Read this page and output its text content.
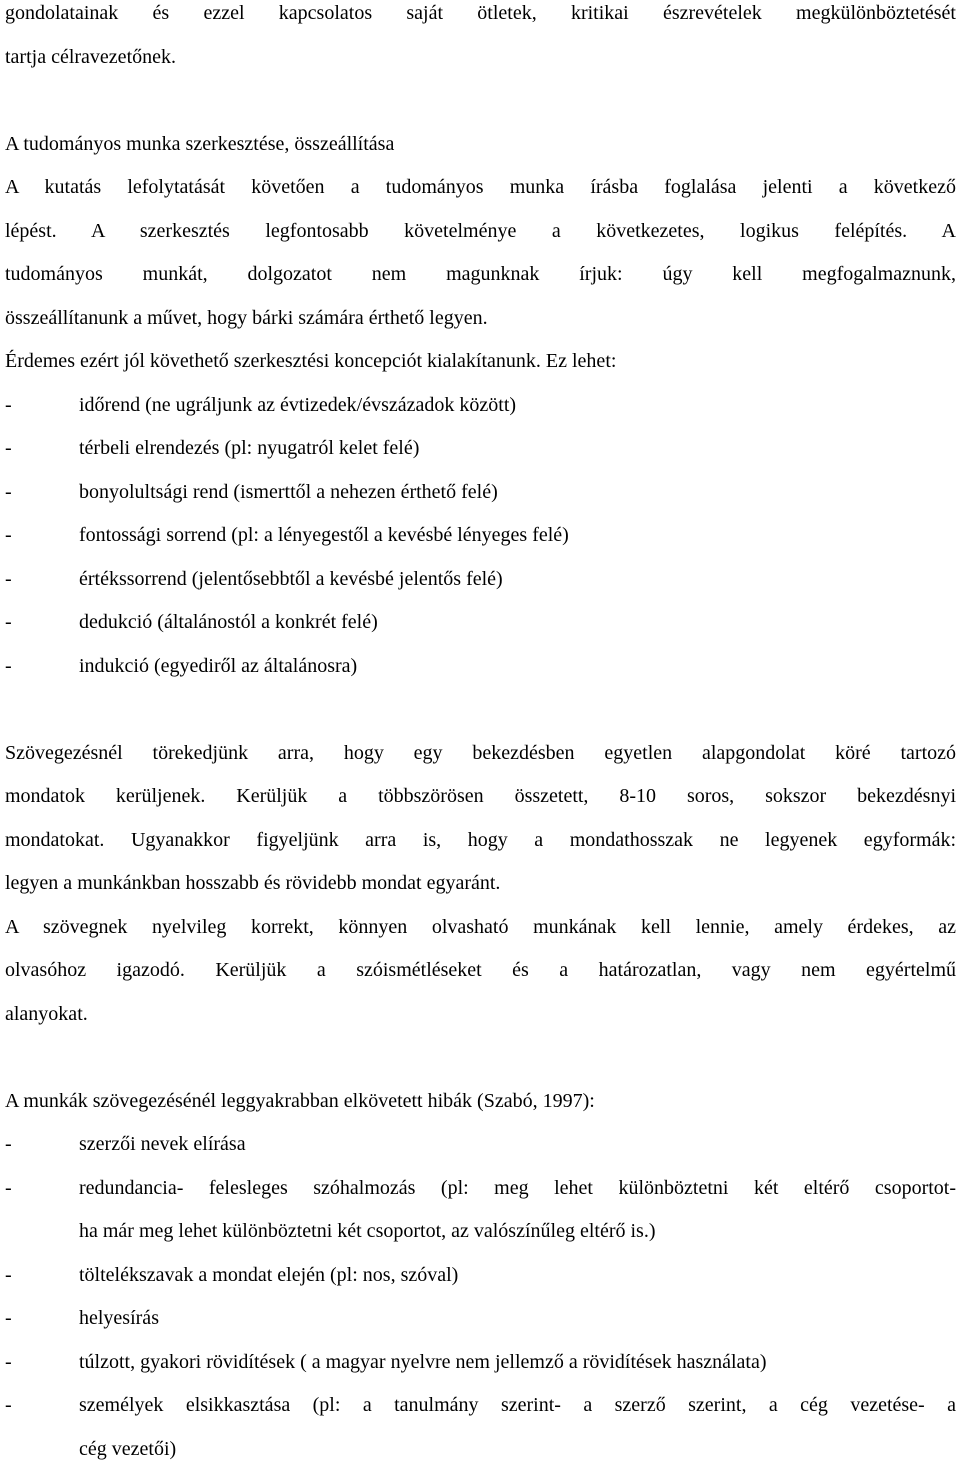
gondolatainak és ezzel kapcsolatos saját ötletek, kritikai észrevételek megkülönböztetését
tartja célravezetőnek.
A tudományos munka szerkesztése, összeállítása
A kutatás lefolytatását követően a tudományos munka írásba foglalása jelenti a következő
lépést. A szerkesztés legfontosabb követelménye a következetes, logikus felépítés. A
tudományos munkát, dolgozatot nem magunknak írjuk: úgy kell megfogalmaznunk,
összeállítanunk a művet, hogy bárki számára érthető legyen.
Érdemes ezért jól követhető szerkesztési koncepciót kialakítanunk. Ez lehet:
-	időrend (ne ugráljunk az évtizedek/évszázadok között)
-	térbeli elrendezés (pl: nyugatról kelet felé)
-	bonyolultsági rend (ismerttől a nehezen érthető felé)
-	fontossági sorrend (pl: a lényegestől a kevésbé lényeges felé)
-	értékssorrend (jelentősebbtől a kevésbé jelentős felé)
-	dedukció (általánostól a konkrét felé)
-	indukció (egyediről az általánosra)
Szövegezésnél törekedjünk arra, hogy egy bekezdésben egyetlen alapgondolat köré tartozó
mondatok kerüljenek. Kerüljük a többszörösen összetett, 8-10 soros, sokszor bekezdésnyi
mondatokat. Ugyanakkor figyeljünk arra is, hogy a mondathosszak ne legyenek egyformák:
legyen a munkánkban hosszabb és rövidebb mondat egyaránt.
A szövegnek nyelvileg korrekt, könnyen olvasható munkának kell lennie, amely érdekes, az
olvasóhoz igazodó. Kerüljük a szóismétléseket és a határozatlan, vagy nem egyértelmű
alanyokat.
A munkák szövegezésénél leggyakrabban elkövetett hibák (Szabó, 1997):
-	szerzői nevek elírása
-	redundancia- felesleges szóhalmozás (pl: meg lehet különböztetni két eltérő csoportot-
ha már meg lehet különböztetni két csoportot, az valószínűleg eltérő is.)
-	töltelékszavak a mondat elején (pl: nos, szóval)
-	helyesírás
-	túlzott, gyakori rövidítések ( a magyar nyelvre nem jellemző a rövidítések használata)
-	személyek elsikkasztása (pl: a tanulmány szerint- a szerző szerint, a cég vezetése- a
cég vezetői)
